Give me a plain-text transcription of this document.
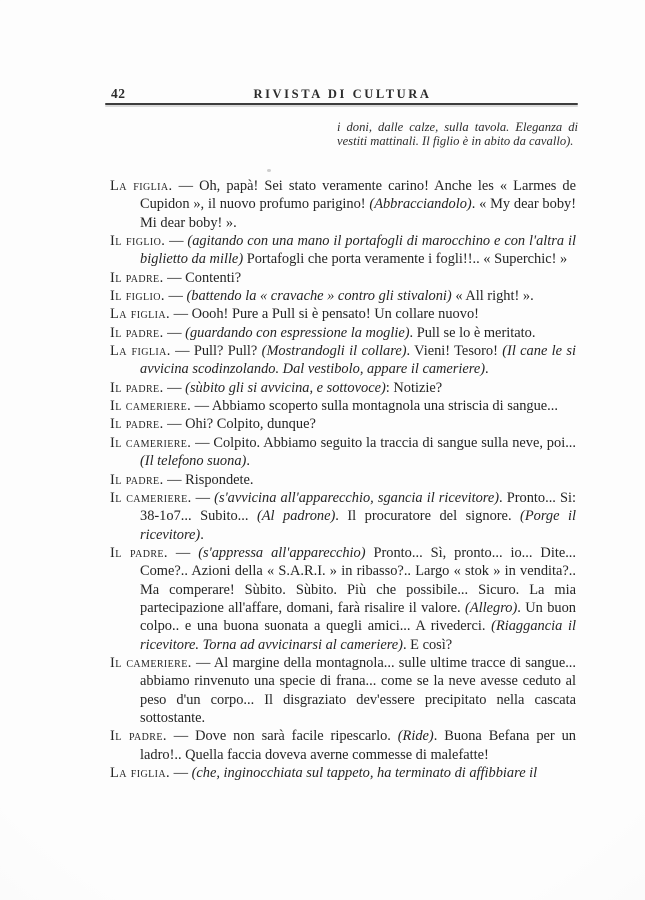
42	RIVISTA DI CULTURA
i doni, dalle calze, sulla tavola. Eleganza di vestiti mattinali. Il figlio è in abito da cavallo).

La figlia. — Oh, papà! Sei stato veramente carino! Anche les « Larmes de Cupidon », il nuovo profumo parigino! (Abbracciandolo). « My dear boby! Mi dear boby! ».

Il figlio. — (agitando con una mano il portafogli di marocchino e con l'altra il biglietto da mille) Portafogli che porta veramente i fogli!!.. « Superchic! »

Il padre. — Contenti?

Il figlio. — (battendo la « cravache » contro gli stivaloni) « All right! ».

La figlia. — Oooh! Pure a Pull si è pensato! Un collare nuovo!

Il padre. — (guardando con espressione la moglie). Pull se lo è meritato.

La figlia. — Pull? Pull? (Mostrandogli il collare). Vieni! Tesoro! (Il cane le si avvicina scodinzolando. Dal vestibolo, appare il cameriere).

Il padre. — (sùbito gli si avvicina, e sottovoce): Notizie?

Il cameriere. — Abbiamo scoperto sulla montagnola una striscia di sangue...

Il padre. — Ohi? Colpito, dunque?

Il cameriere. — Colpito. Abbiamo seguito la traccia di sangue sulla neve, poi... (Il telefono suona).

Il padre. — Rispondete.

Il cameriere. — (s'avvicina all'apparecchio, sgancia il ricevitore). Pronto... Si: 38-1o7... Subito... (Al padrone). Il procuratore del signore. (Porge il ricevitore).

Il padre. — (s'appressa all'apparecchio) Pronto... Sì, pronto... io... Dite... Come?.. Azioni della « S.A.R.I. » in ribasso?.. Largo « stok » in vendita?.. Ma comperare! Sùbito. Sùbito. Più che possibile... Sicuro. La mia partecipazione all'affare, domani, farà risalire il valore. (Allegro). Un buon colpo.. e una buona suonata a quegli amici... A rivederci. (Riaggancia il ricevitore. Torna ad avvicinarsi al cameriere). E così?

Il cameriere. — Al margine della montagnola... sulle ultime tracce di sangue... abbiamo rinvenuto una specie di frana... come se la neve avesse ceduto al peso d'un corpo... Il disgraziato dev'essere precipitato nella cascata sottostante.

Il padre. — Dove non sarà facile ripescarlo. (Ride). Buona Befana per un ladro!.. Quella faccia doveva averne commesse di malefatte!

La figlia. — (che, inginocchiata sul tappeto, ha terminato di affibbiare il
